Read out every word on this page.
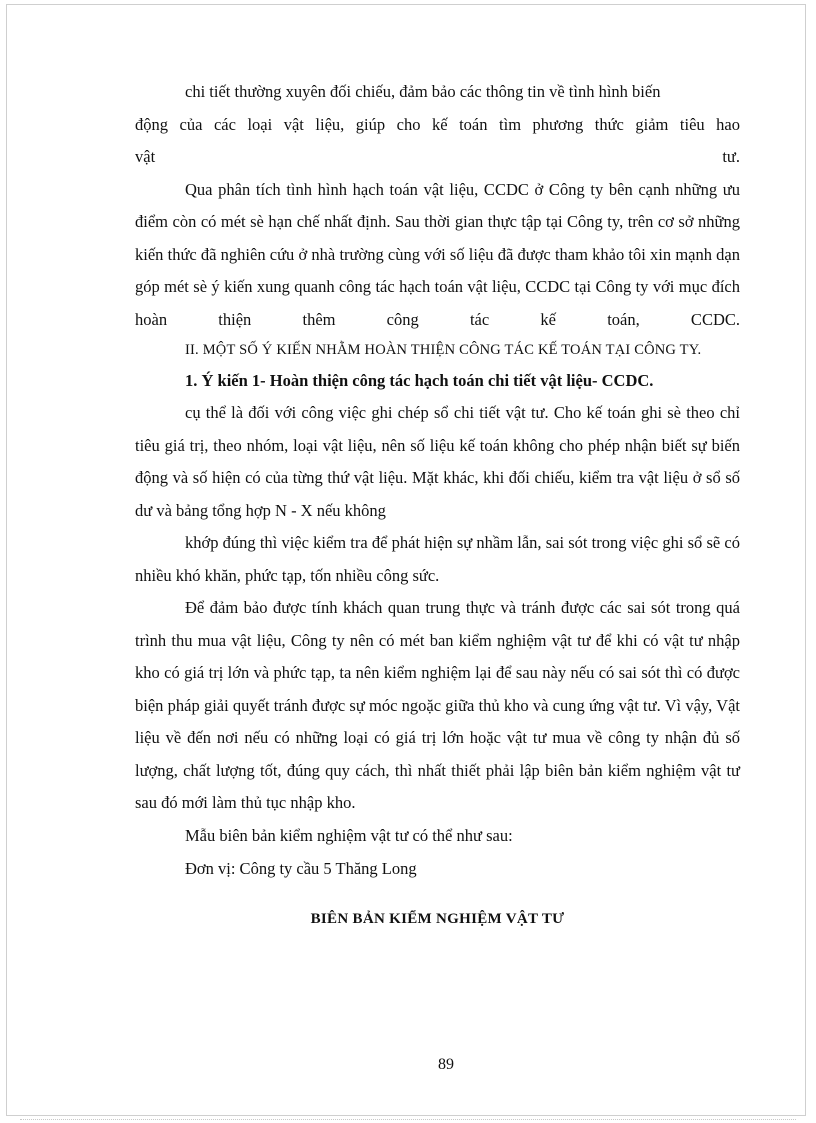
chi tiết thường xuyên đối chiếu, đảm bảo các thông tin về tình hình biến

động của các loại vật liệu, giúp cho kế toán tìm phương thức giảm tiêu hao

vật tư.

Qua phân tích tình hình hạch toán vật liệu, CCDC ở Công ty bên cạnh những ưu điểm còn có mét sè hạn chế nhất định. Sau thời gian thực tập tại Công ty, trên cơ sở những kiến thức đã nghiên cứu ở nhà trường cùng với số liệu đã được tham khảo tôi xin mạnh dạn góp mét sè ý kiến xung quanh công tác hạch toán vật liệu, CCDC tại Công ty với mục đích hoàn thiện thêm công tác kế toán, CCDC.

II. MỘT SỐ Ý KIẾN NHẰM HOÀN THIỆN CÔNG TÁC KẾ TOÁN TẠI CÔNG TY.

1. Ý kiến 1- Hoàn thiện công tác hạch toán chi tiết vật liệu- CCDC.

cụ thể là đối với công việc ghi chép sổ chi tiết vật tư. Cho kế toán ghi sè theo chỉ tiêu giá trị, theo nhóm, loại vật liệu, nên số liệu kế toán không cho phép nhận biết sự biến động và số hiện có của từng thứ vật liệu. Mặt khác, khi đối chiếu, kiểm tra vật liệu ở sổ số dư và bảng tổng hợp N - X nếu không

khớp đúng thì việc kiểm tra để phát hiện sự nhầm lẫn, sai sót trong việc ghi sổ sẽ có nhiều khó khăn, phức tạp, tốn nhiều công sức.

Để đảm bảo được tính khách quan trung thực và tránh được các sai sót trong quá trình thu mua vật liệu, Công ty nên có mét ban kiểm nghiệm vật tư để khi có vật tư nhập kho có giá trị lớn và phức tạp, ta nên kiểm nghiệm lại để sau này nếu có sai sót thì có được biện pháp giải quyết tránh được sự móc ngoặc giữa thủ kho và cung ứng vật tư. Vì vậy, Vật liệu về đến nơi nếu có những loại có giá trị lớn hoặc vật tư mua về công ty nhận đủ số lượng, chất lượng tốt, đúng quy cách, thì nhất thiết phải lập biên bản kiểm nghiệm vật tư sau đó mới làm thủ tục nhập kho.

Mẫu biên bản kiểm nghiệm vật tư có thể như sau:

Đơn vị: Công ty cầu 5 Thăng Long

BIÊN BẢN KIỂM NGHIỆM VẬT TƯ

89
